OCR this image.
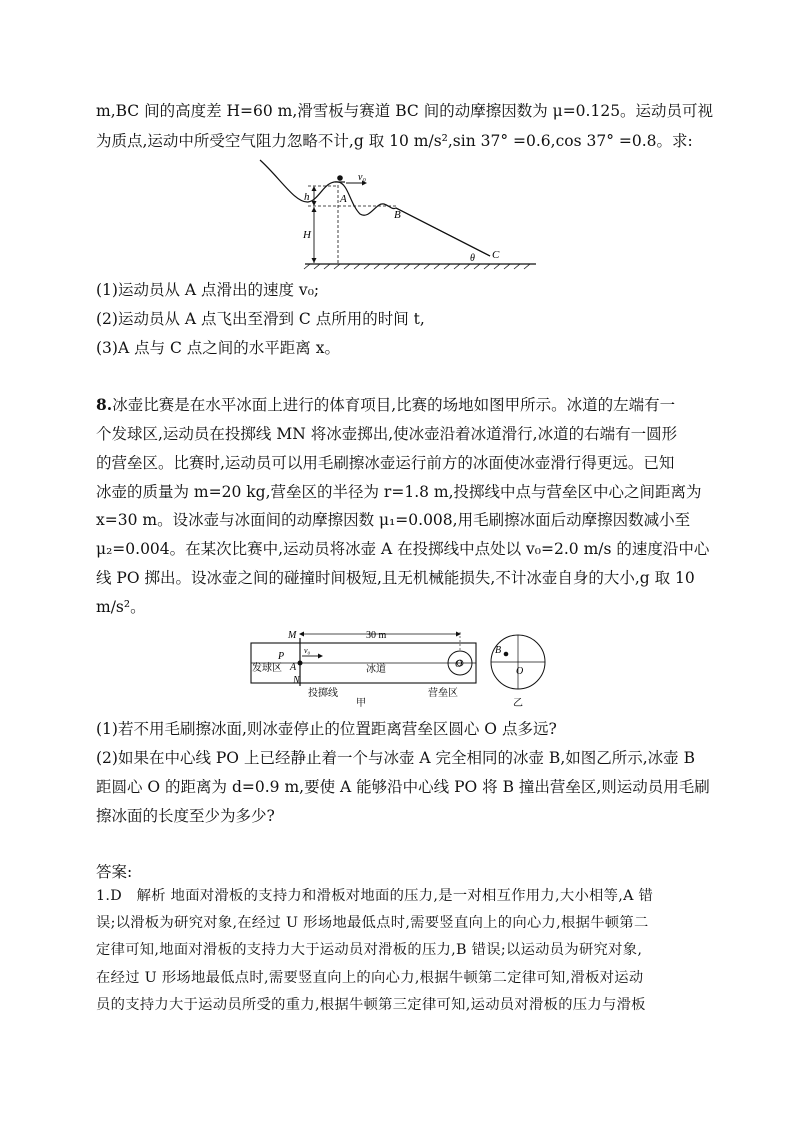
m,BC 间的高度差 H=60 m,滑雪板与赛道 BC 间的动摩擦因数为 μ=0.125。运动员可视
为质点,运动中所受空气阻力忽略不计,g 取 10 m/s²,sin 37° =0.6,cos 37° =0.8。求:
v₀
h
H
A
B
C
θ
(1)运动员从 A 点滑出的速度 v₀;
(2)运动员从 A 点飞出至滑到 C 点所用的时间 t,
(3)A 点与 C 点之间的水平距离 x。
8.冰壶比赛是在水平冰面上进行的体育项目,比赛的场地如图甲所示。冰道的左端有一
个发球区,运动员在投掷线 MN 将冰壶掷出,使冰壶沿着冰道滑行,冰道的右端有一圆形
的营垒区。比赛时,运动员可以用毛刷擦冰壶运行前方的冰面使冰壶滑行得更远。已知
冰壶的质量为 m=20 kg,营垒区的半径为 r=1.8 m,投掷线中点与营垒区中心之间距离为
x=30 m。设冰壶与冰面间的动摩擦因数 μ₁=0.008,用毛刷擦冰面后动摩擦因数减小至
μ₂=0.004。在某次比赛中,运动员将冰壶 A 在投掷线中点处以 v₀=2.0 m/s 的速度沿中心
线 PO 掷出。设冰壶之间的碰撞时间极短,且无机械能损失,不计冰壶自身的大小,g 取 10
m/s²。
30 m
v₀
M
N
P
A	O
发球区	冰道
投掷线	营垒区
甲
B
O
乙
(1)若不用毛刷擦冰面,则冰壶停止的位置距离营垒区圆心 O 点多远?
(2)如果在中心线 PO 上已经静止着一个与冰壶 A 完全相同的冰壶 B,如图乙所示,冰壶 B
距圆心 O 的距离为 d=0.9 m,要使 A 能够沿中心线 PO 将 B 撞出营垒区,则运动员用毛刷
擦冰面的长度至少为多少?
答案:
1.D　解析 地面对滑板的支持力和滑板对地面的压力,是一对相互作用力,大小相等,A 错
误;以滑板为研究对象,在经过 U 形场地最低点时,需要竖直向上的向心力,根据牛顿第二
定律可知,地面对滑板的支持力大于运动员对滑板的压力,B 错误;以运动员为研究对象,
在经过 U 形场地最低点时,需要竖直向上的向心力,根据牛顿第二定律可知,滑板对运动
员的支持力大于运动员所受的重力,根据牛顿第三定律可知,运动员对滑板的压力与滑板
